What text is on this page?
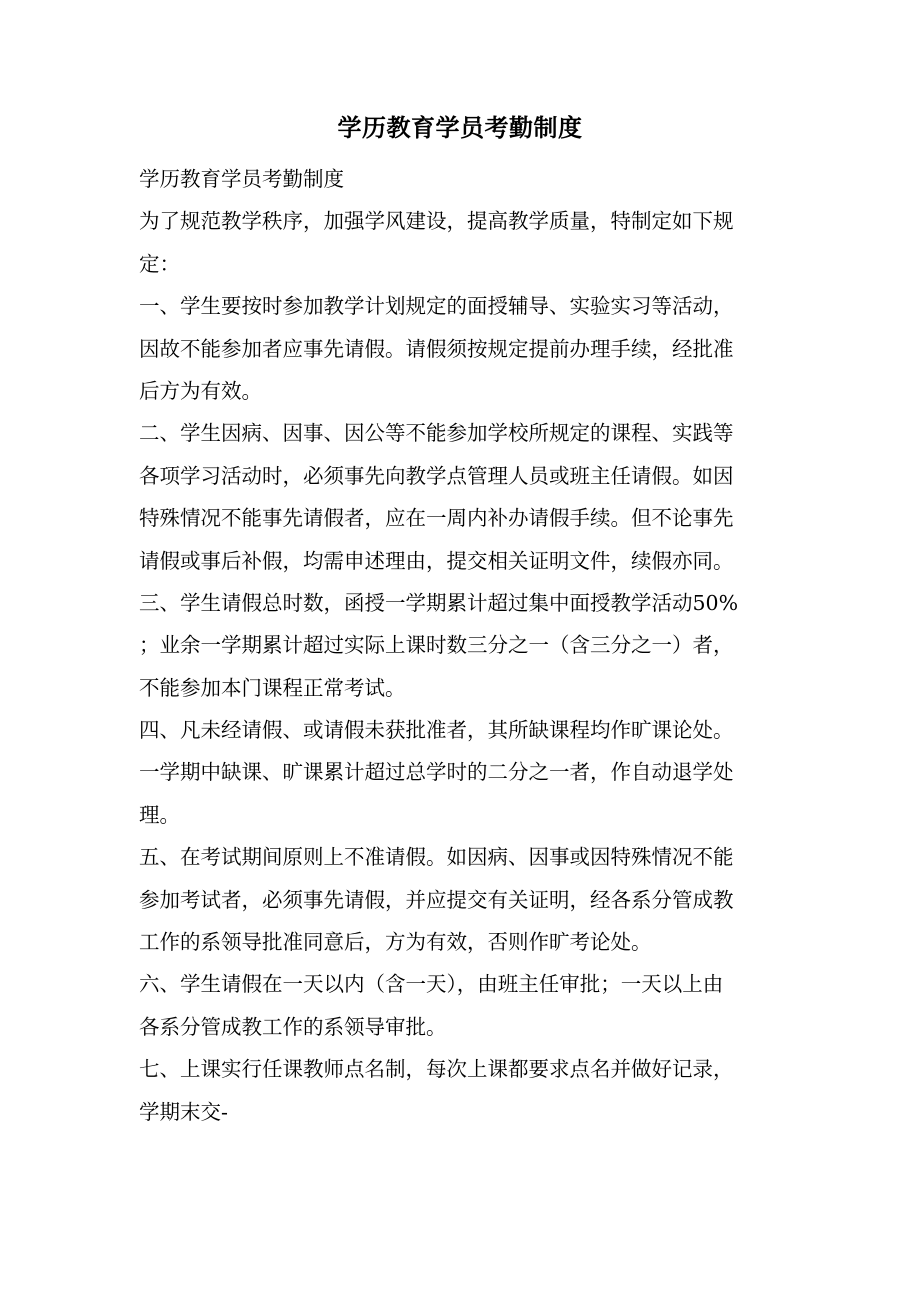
学历教育学员考勤制度
学历教育学员考勤制度
为了规范教学秩序，加强学风建设，提高教学质量，特制定如下规
定：
一、学生要按时参加教学计划规定的面授辅导、实验实习等活动，
因故不能参加者应事先请假。请假须按规定提前办理手续，经批准
后方为有效。
二、学生因病、因事、因公等不能参加学校所规定的课程、实践等
各项学习活动时，必须事先向教学点管理人员或班主任请假。如因
特殊情况不能事先请假者，应在一周内补办请假手续。但不论事先
请假或事后补假，均需申述理由，提交相关证明文件，续假亦同。
三、学生请假总时数，函授一学期累计超过集中面授教学活动50%
；业余一学期累计超过实际上课时数三分之一（含三分之一）者，
不能参加本门课程正常考试。
四、凡未经请假、或请假未获批准者，其所缺课程均作旷课论处。
一学期中缺课、旷课累计超过总学时的二分之一者，作自动退学处
理。
五、在考试期间原则上不准请假。如因病、因事或因特殊情况不能
参加考试者，必须事先请假，并应提交有关证明，经各系分管成教
工作的系领导批准同意后，方为有效，否则作旷考论处。
六、学生请假在一天以内（含一天），由班主任审批；一天以上由
各系分管成教工作的系领导审批。
七、上课实行任课教师点名制，每次上课都要求点名并做好记录，
学期末交-
